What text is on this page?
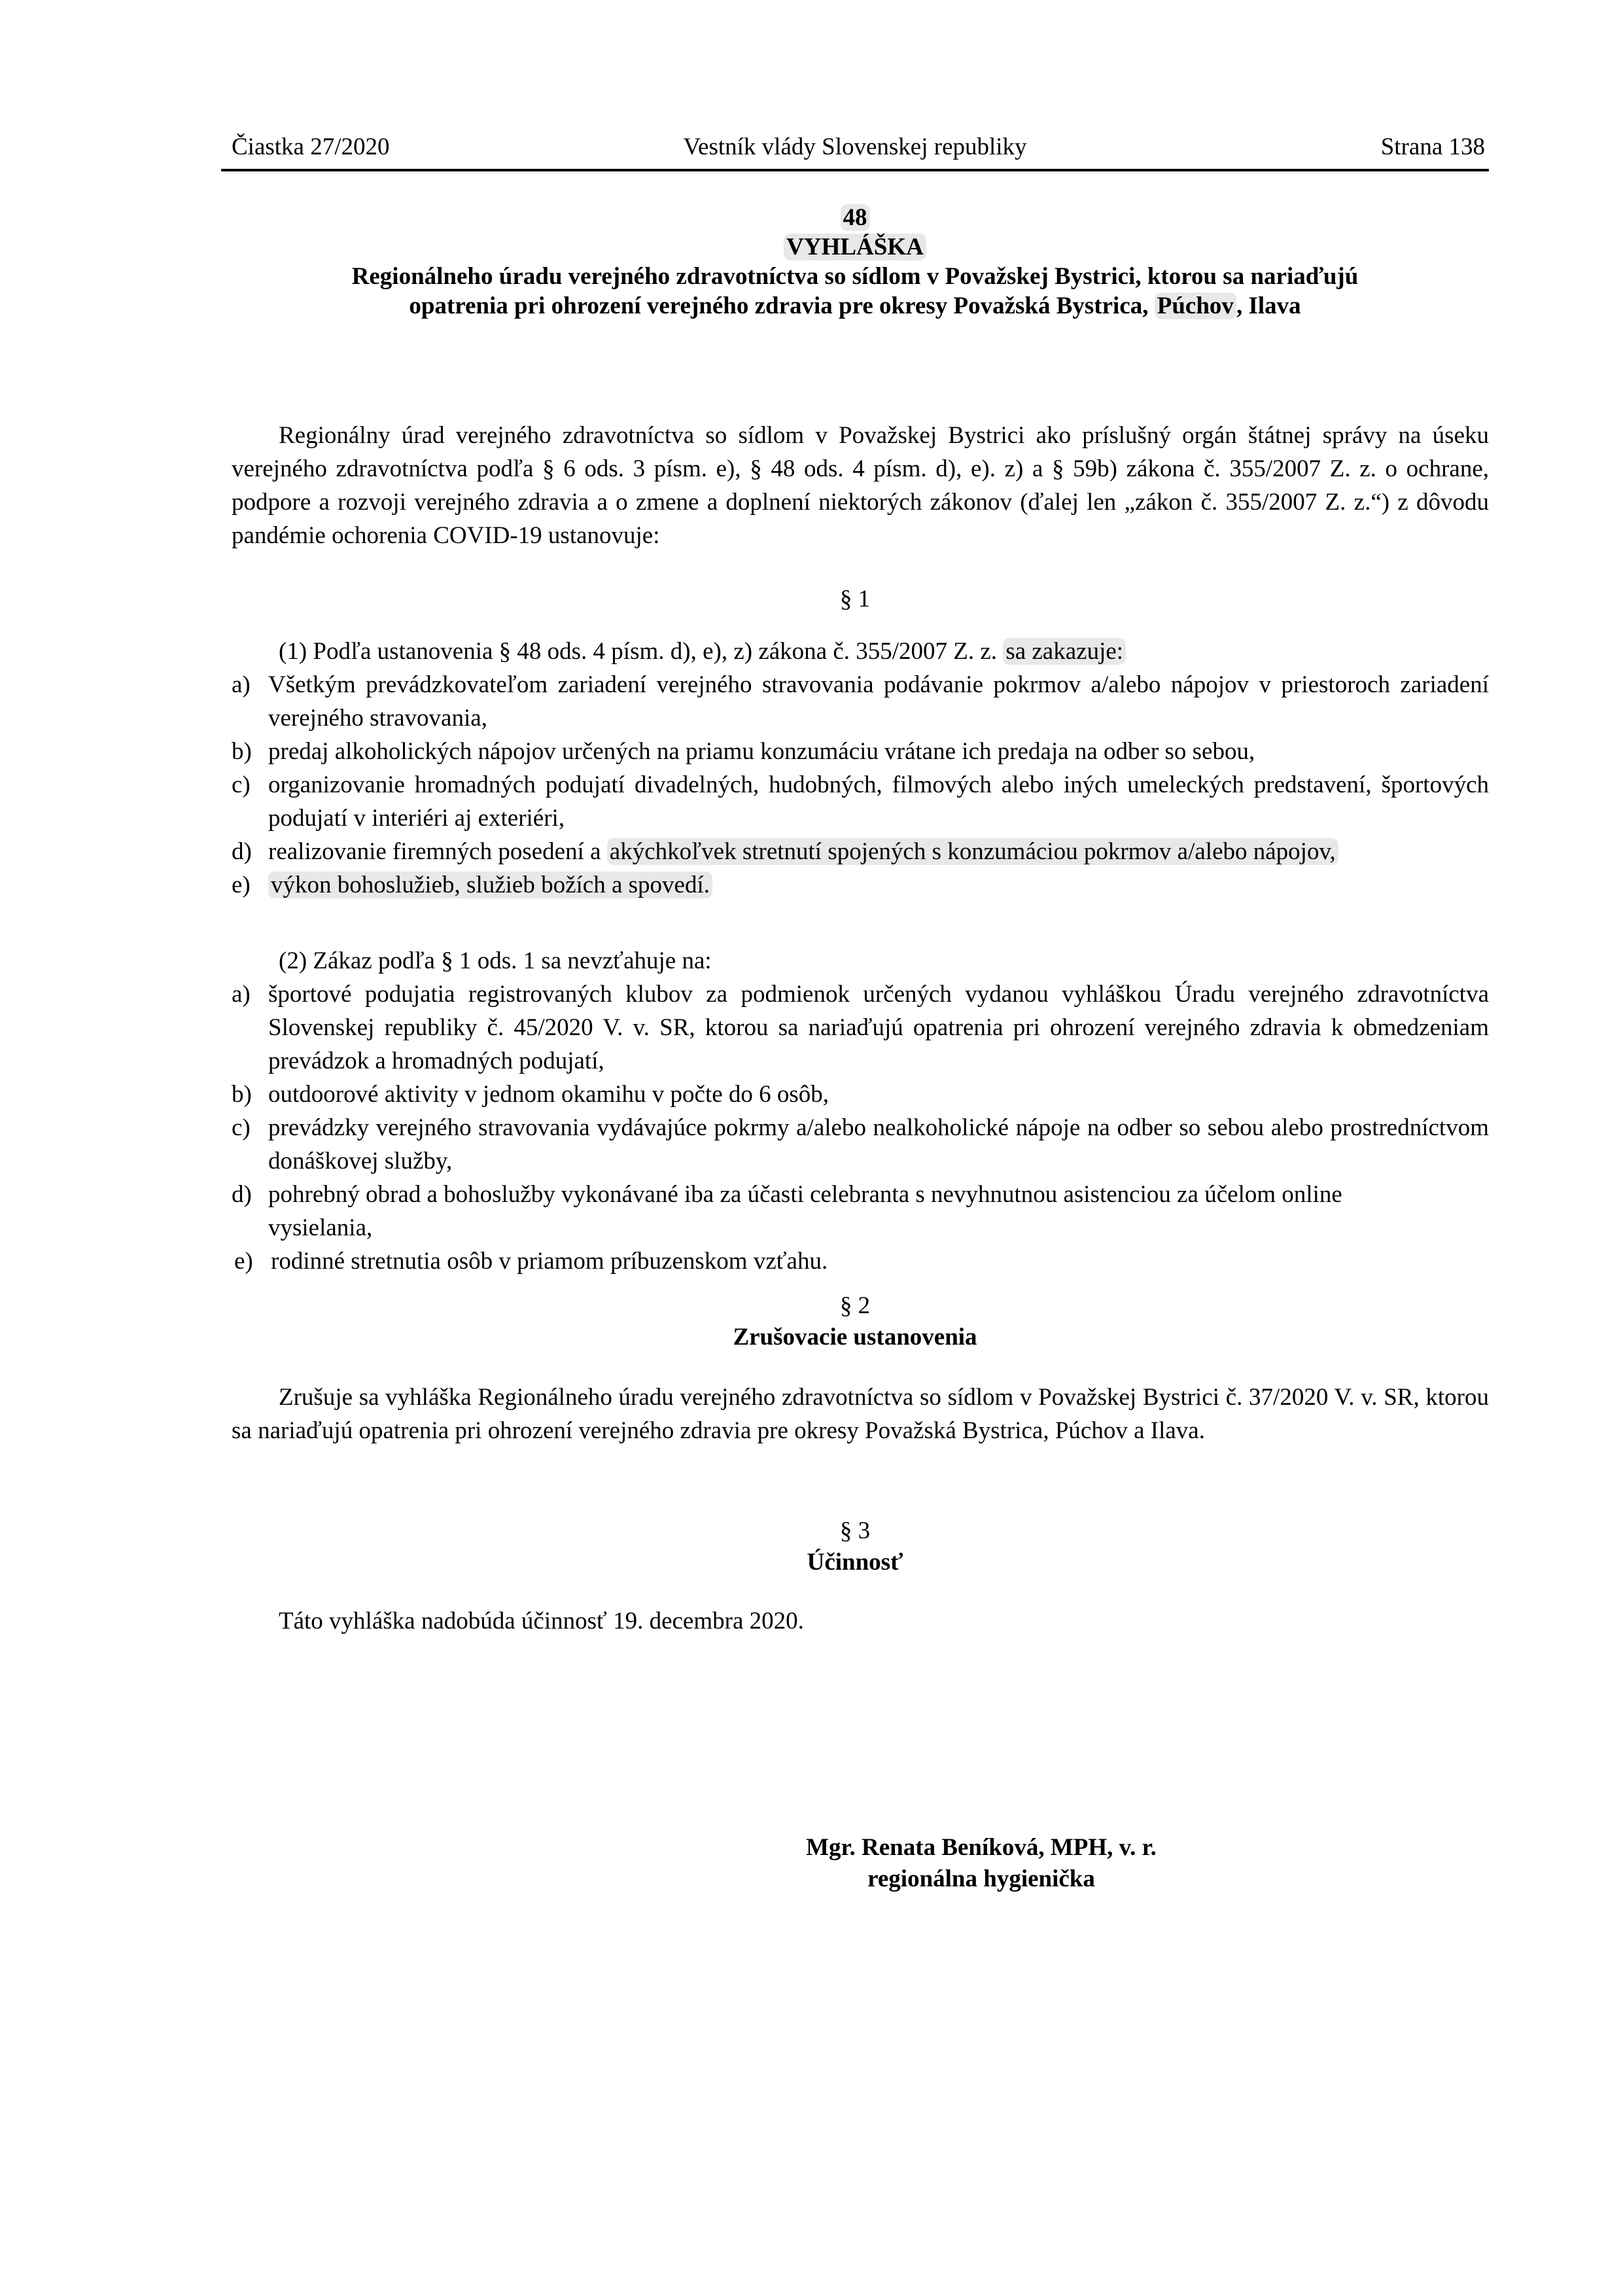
Čiastka 27/2020	Vestník vlády Slovenskej republiky	Strana 138
48
VYHLÁŠKA
Regionálneho úradu verejného zdravotníctva so sídlom v Považskej Bystrici, ktorou sa nariaďujú
opatrenia pri ohrození verejného zdravia pre okresy Považská Bystrica, Púchov , Ilava
Regionálny úrad verejného zdravotníctva so sídlom v Považskej Bystrici ako príslušný orgán štátnej správy na úseku verejného zdravotníctva podľa § 6 ods. 3 písm. e), § 48 ods. 4 písm. d), e). z) a § 59b) zákona č. 355/2007 Z. z. o ochrane, podpore a rozvoji verejného zdravia a o zmene a doplnení niektorých zákonov (ďalej len „zákon č. 355/2007 Z. z.“) z dôvodu pandémie ochorenia COVID-19 ustanovuje:
§ 1
(1) Podľa ustanovenia § 48 ods. 4 písm. d), e), z) zákona č. 355/2007 Z. z. sa zakazuje:
a) Všetkým prevádzkovateľom zariadení verejného stravovania podávanie pokrmov a/alebo nápojov v priestoroch zariadení verejného stravovania,
b) predaj alkoholických nápojov určených na priamu konzumáciu vrátane ich predaja na odber so sebou,
c) organizovanie hromadných podujatí divadelných, hudobných, filmových alebo iných umeleckých predstavení, športových podujatí v interiéri aj exteriéri,
d) realizovanie firemných posedení a akýchkoľvek stretnutí spojených s konzumáciou pokrmov a/alebo nápojov,
e) výkon bohoslužieb, služieb božích a spovedí.
(2) Zákaz podľa § 1 ods. 1 sa nevzťahuje na:
a) športové podujatia registrovaných klubov za podmienok určených vydanou vyhláškou Úradu verejného zdravotníctva Slovenskej republiky č. 45/2020 V. v. SR, ktorou sa nariaďujú opatrenia pri ohrození verejného zdravia k obmedzeniam prevádzok a hromadných podujatí,
b) outdoorové aktivity v jednom okamihu v počte do 6 osôb,
c) prevádzky verejného stravovania vydávajúce pokrmy a/alebo nealkoholické nápoje na odber so sebou alebo prostredníctvom donáškovej služby,
d) pohrebný obrad a bohoslužby vykonávané iba za účasti celebranta s nevyhnutnou asistenciou za účelom online vysielania,
e) rodinné stretnutia osôb v priamom príbuzenskom vzťahu.
§ 2
Zrušovacie ustanovenia
Zrušuje sa vyhláška Regionálneho úradu verejného zdravotníctva so sídlom v Považskej Bystrici č. 37/2020 V. v. SR, ktorou sa nariaďujú opatrenia pri ohrození verejného zdravia pre okresy Považská Bystrica, Púchov a Ilava.
§ 3
Účinnosť
Táto vyhláška nadobúda účinnosť 19. decembra 2020.
Mgr. Renata Beníková, MPH, v. r.
regionálna hygienička
